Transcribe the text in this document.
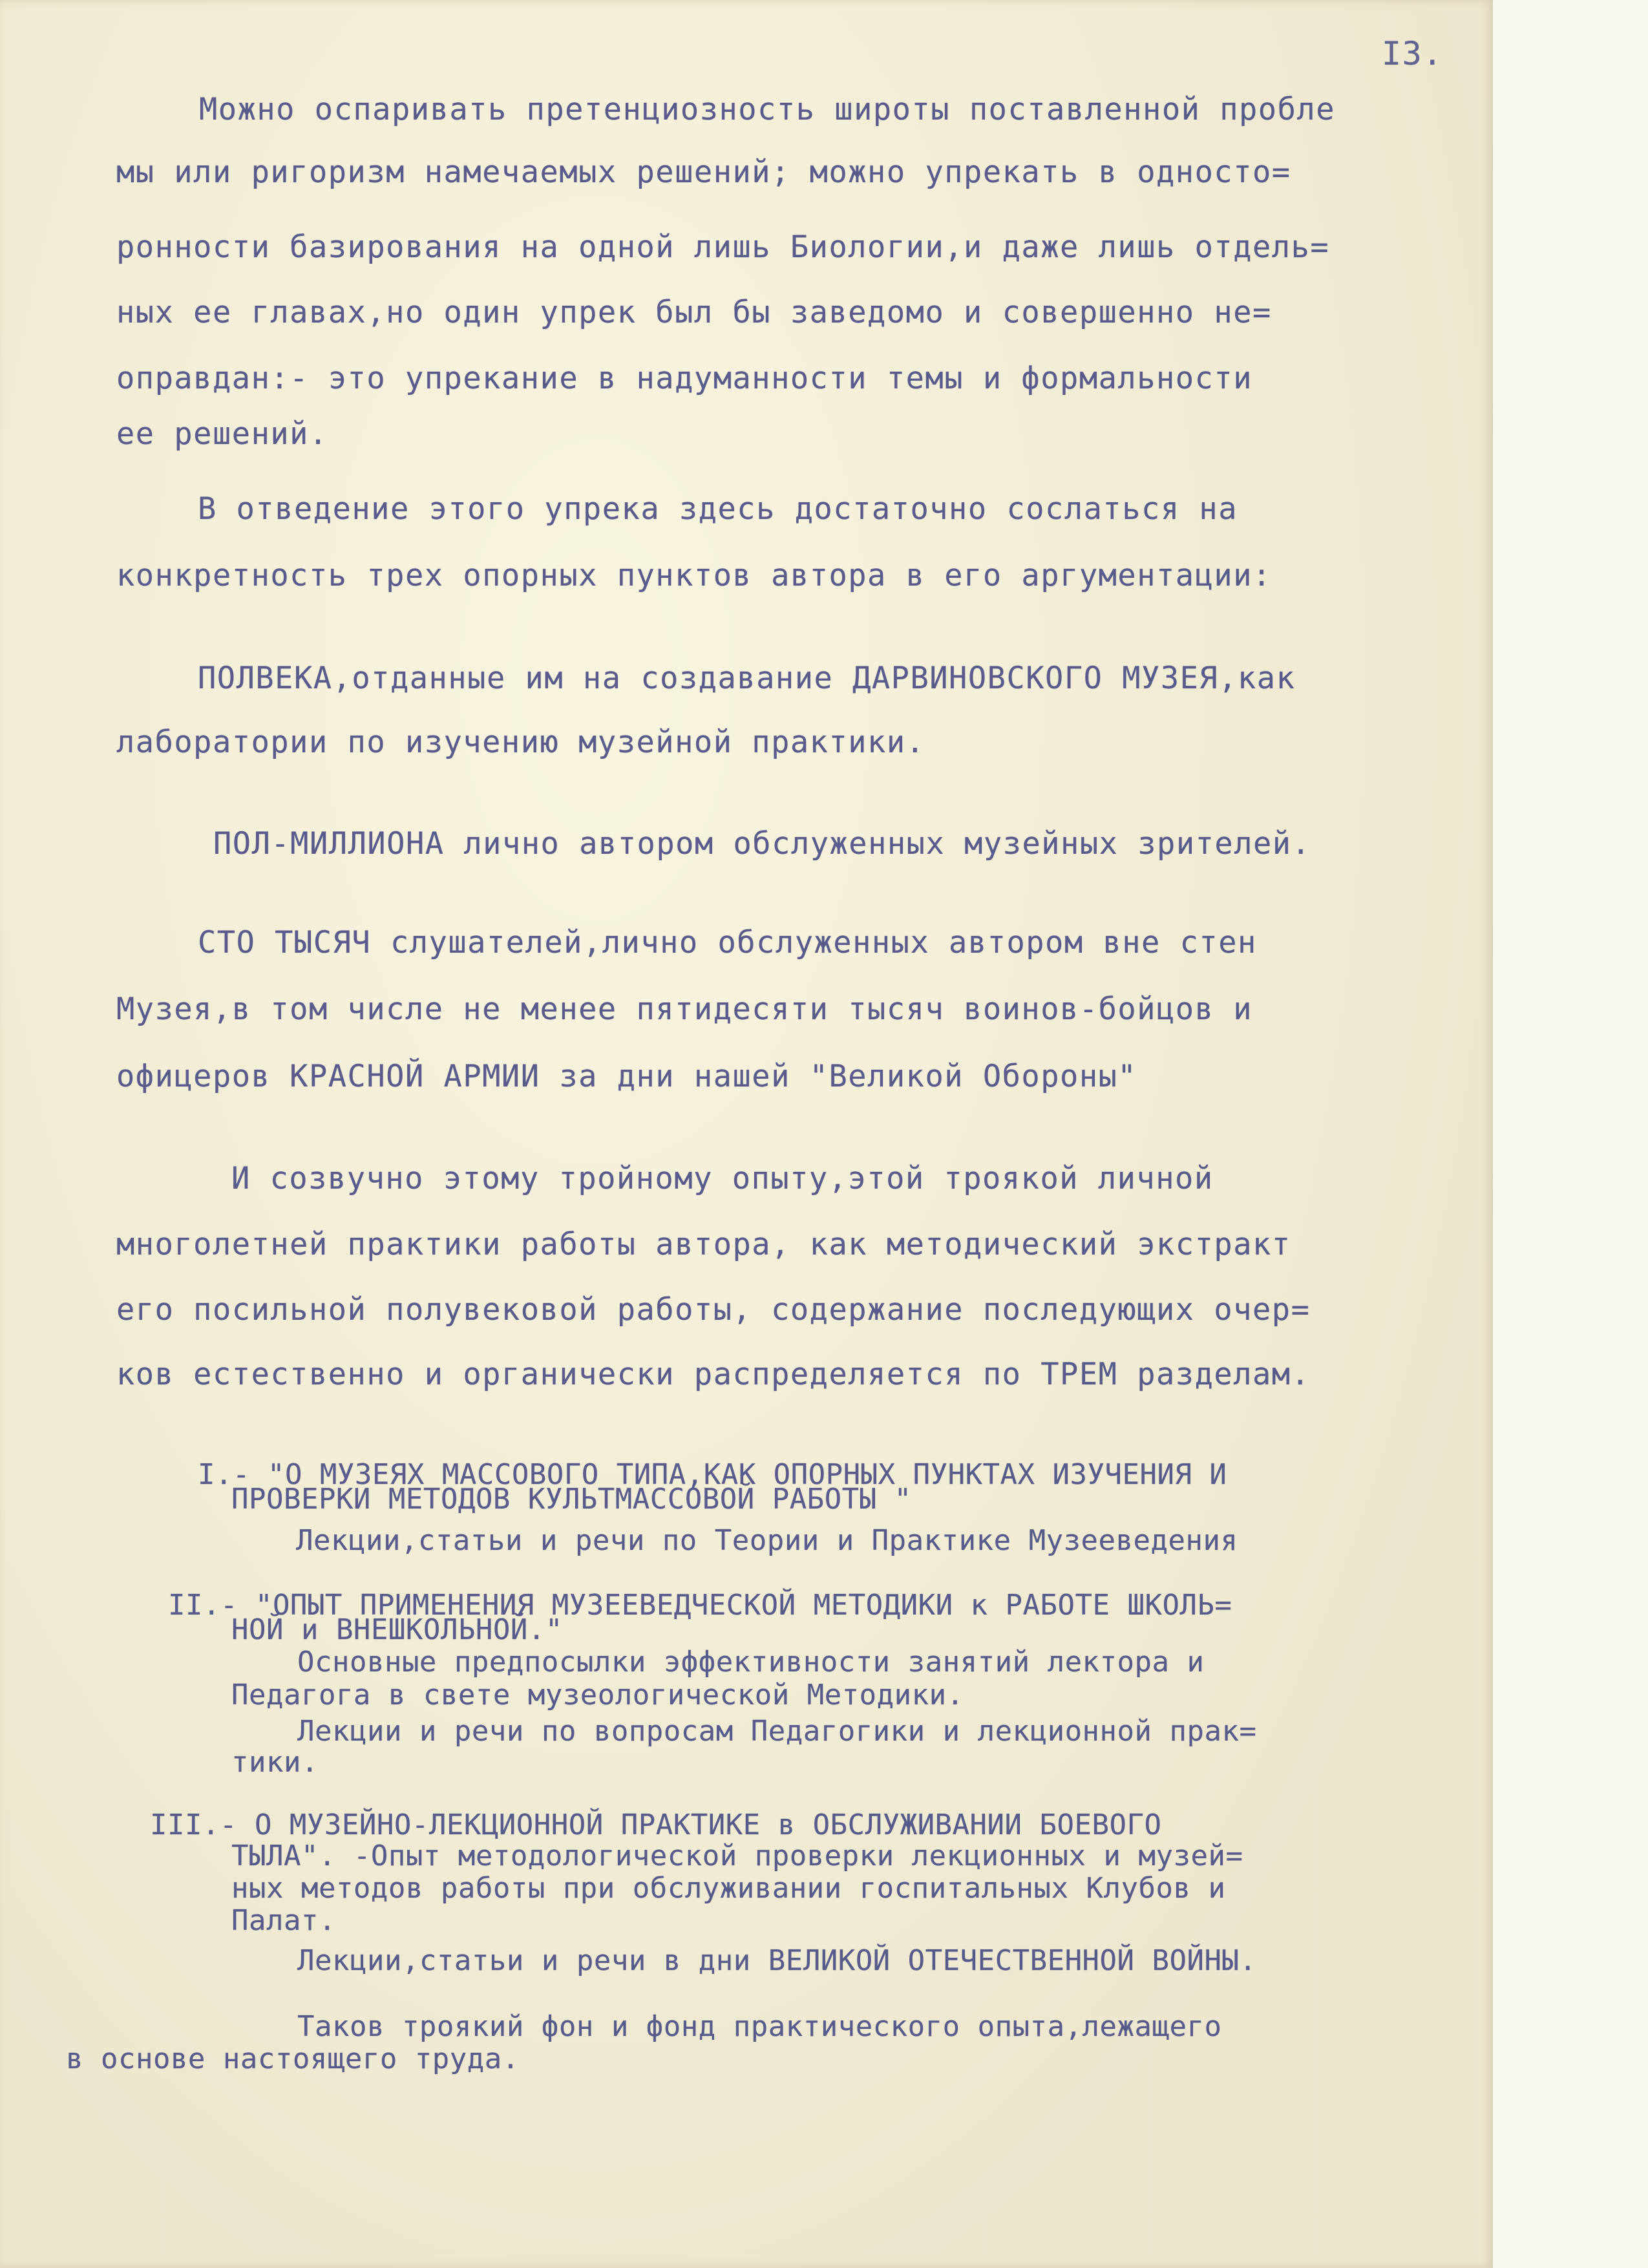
I3.
Можно оспаривать претенциозность широты поставленной пробле
мы или ригоризм намечаемых решений; можно упрекать в односто=
ронности базирования на одной лишь Биологии,и даже лишь отдель=
ных ее главах,но один упрек был бы заведомо и совершенно не=
оправдан:- это упрекание в надуманности темы и формальности
ее решений.
В отведение этого упрека здесь достаточно сослаться на
конкретность трех опорных пунктов автора в его аргументации:
ПОЛВЕКА,отданные им на создавание ДАРВИНОВСКОГО МУЗЕЯ,как
лаборатории по изучению музейной практики.
ПОЛ-МИЛЛИОНА лично автором обслуженных музейных зрителей.
СТО ТЫСЯЧ слушателей,лично обслуженных автором вне стен
Музея,в том числе не менее пятидесяти тысяч воинов-бойцов и
офицеров КРАСНОЙ АРМИИ за дни нашей "Великой Обороны"
И созвучно этому тройному опыту,этой троякой личной
многолетней практики работы автора, как методический экстракт
его посильной полувековой работы, содержание последующих очер=
ков естественно и органически распределяется по ТРЕМ разделам.
I.- "О МУЗЕЯХ МАССОВОГО ТИПА,КАК ОПОРНЫХ ПУНКТАХ ИЗУЧЕНИЯ И
ПРОВЕРКИ МЕТОДОВ КУЛЬТМАССОВОЙ РАБОТЫ "
Лекции,статьи и речи по Теории и Практике Музееведения
II.- "ОПЫТ ПРИМЕНЕНИЯ МУЗЕЕВЕДЧЕСКОЙ МЕТОДИКИ к РАБОТЕ ШКОЛЬ=
НОЙ и ВНЕШКОЛЬНОЙ."
Основные предпосылки эффективности занятий лектора и
Педагога в свете музеологической Методики.
Лекции и речи по вопросам Педагогики и лекционной прак=
тики.
III.- О МУЗЕЙНО-ЛЕКЦИОННОЙ ПРАКТИКЕ в ОБСЛУЖИВАНИИ БОЕВОГО
ТЫЛА". -Опыт методологической проверки лекционных и музей=
ных методов работы при обслуживании госпитальных Клубов и
Палат.
Лекции,статьи и речи в дни ВЕЛИКОЙ ОТЕЧЕСТВЕННОЙ ВОЙНЫ.
Таков троякий фон и фонд практического опыта,лежащего
в основе настоящего труда.
